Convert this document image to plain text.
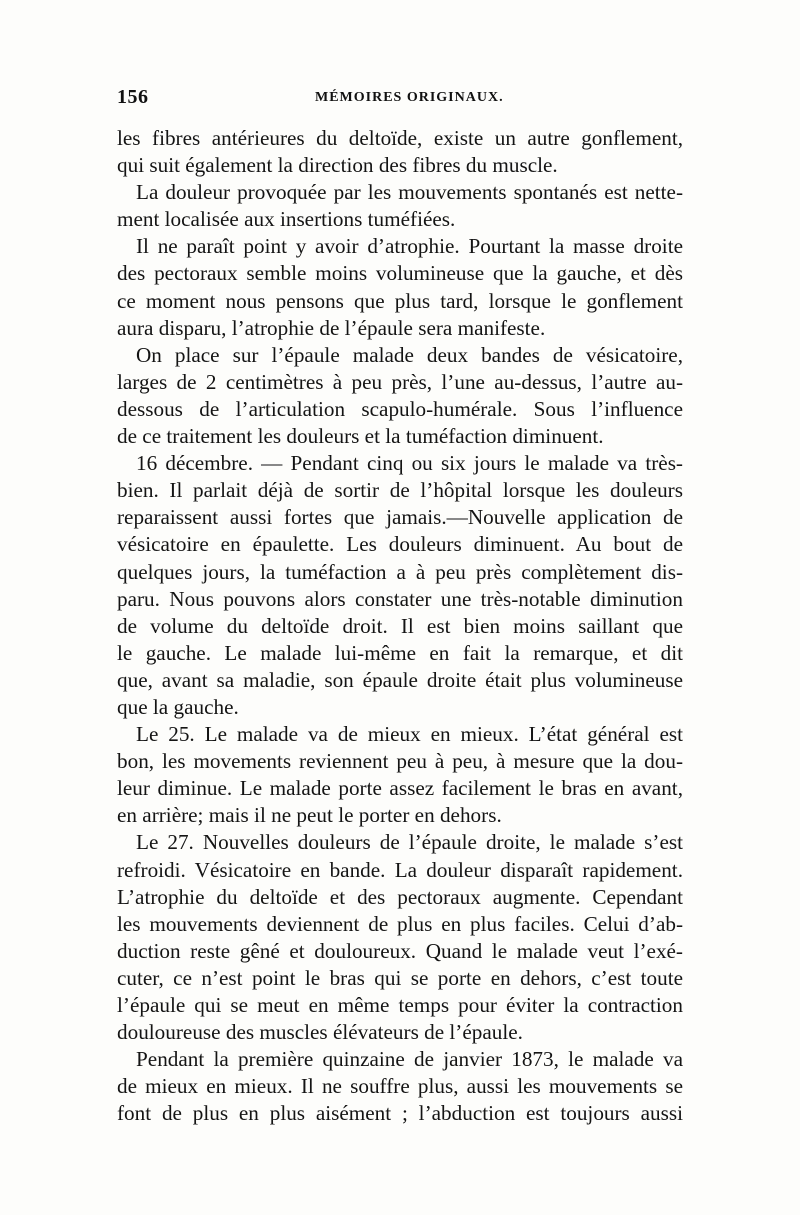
156	MÉMOIRES ORIGINAUX.
les fibres antérieures du deltoïde, existe un autre gonflement,
qui suit également la direction des fibres du muscle.
La douleur provoquée par les mouvements spontanés est nette-
ment localisée aux insertions tuméfiées.
Il ne paraît point y avoir d’atrophie. Pourtant la masse droite
des pectoraux semble moins volumineuse que la gauche, et dès
ce moment nous pensons que plus tard, lorsque le gonflement
aura disparu, l’atrophie de l’épaule sera manifeste.
On place sur l’épaule malade deux bandes de vésicatoire,
larges de 2 centimètres à peu près, l’une au-dessus, l’autre au-
dessous de l’articulation scapulo-humérale. Sous l’influence
de ce traitement les douleurs et la tuméfaction diminuent.
16 décembre. — Pendant cinq ou six jours le malade va très-
bien. Il parlait déjà de sortir de l’hôpital lorsque les douleurs
reparaissent aussi fortes que jamais.—Nouvelle application de
vésicatoire en épaulette. Les douleurs diminuent. Au bout de
quelques jours, la tuméfaction a à peu près complètement dis-
paru. Nous pouvons alors constater une très-notable diminution
de volume du deltoïde droit. Il est bien moins saillant que
le gauche. Le malade lui-même en fait la remarque, et dit
que, avant sa maladie, son épaule droite était plus volumineuse
que la gauche.
Le 25. Le malade va de mieux en mieux. L’état général est
bon, les movements reviennent peu à peu, à mesure que la dou-
leur diminue. Le malade porte assez facilement le bras en avant,
en arrière; mais il ne peut le porter en dehors.
Le 27. Nouvelles douleurs de l’épaule droite, le malade s’est
refroidi. Vésicatoire en bande. La douleur disparaît rapidement.
L’atrophie du deltoïde et des pectoraux augmente. Cependant
les mouvements deviennent de plus en plus faciles. Celui d’ab-
duction reste gêné et douloureux. Quand le malade veut l’exé-
cuter, ce n’est point le bras qui se porte en dehors, c’est toute
l’épaule qui se meut en même temps pour éviter la contraction
douloureuse des muscles élévateurs de l’épaule.
Pendant la première quinzaine de janvier 1873, le malade va
de mieux en mieux. Il ne souffre plus, aussi les mouvements se
font de plus en plus aisément ; l’abduction est toujours aussi
